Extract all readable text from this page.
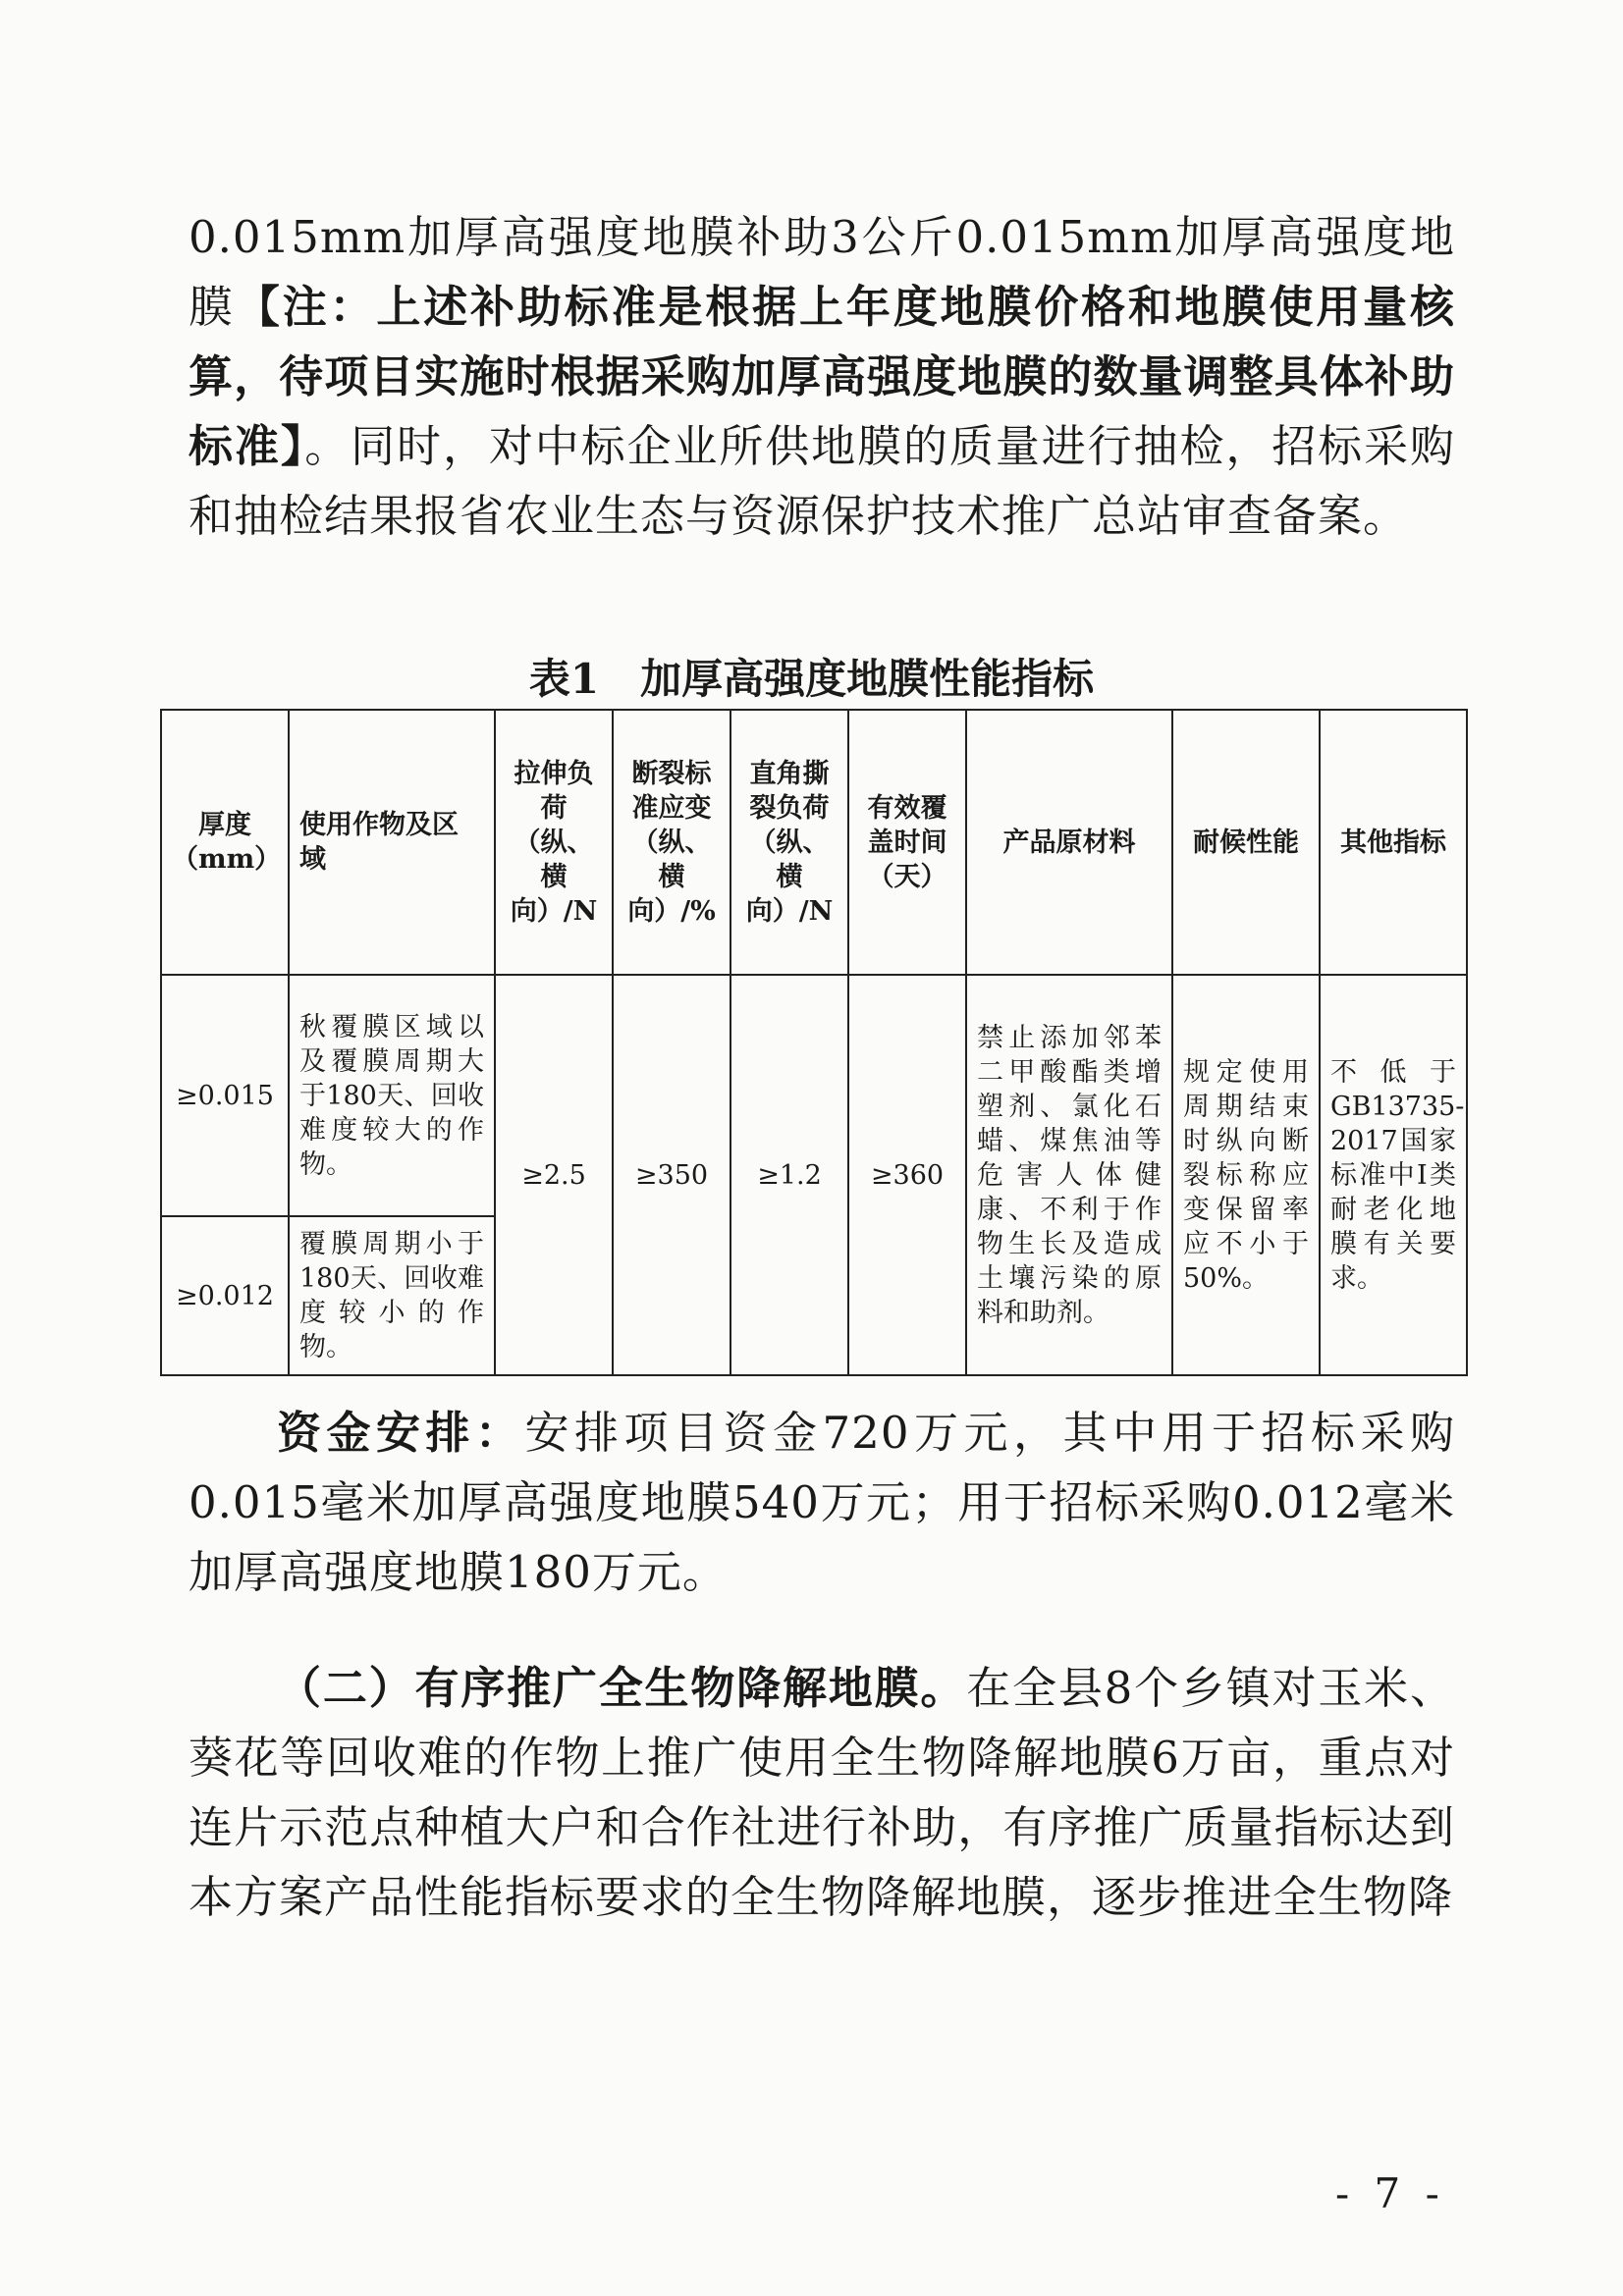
0.015mm加厚高强度地膜补助3公斤0.015mm加厚高强度地膜【注：上述补助标准是根据上年度地膜价格和地膜使用量核算，待项目实施时根据采购加厚高强度地膜的数量调整具体补助标准】。同时，对中标企业所供地膜的质量进行抽检，招标采购和抽检结果报省农业生态与资源保护技术推广总站审查备案。

表1　加厚高强度地膜性能指标
厚度（mm）	使用作物及区域	拉伸负荷（纵、横向）/N	断裂标准应变（纵、横向）/%	直角撕裂负荷（纵、横向）/N	有效覆盖时间（天）	产品原材料	耐候性能	其他指标
≥0.015	秋覆膜区域以及覆膜周期大于180天、回收难度较大的作物。	≥2.5	≥350	≥1.2	≥360	禁止添加邻苯二甲酸酯类增塑剂、氯化石蜡、煤焦油等危害人体健康、不利于作物生长及造成土壤污染的原料和助剂。	规定使用周期结束时纵向断裂标称应变保留率应不小于50%。	不低于GB13735-2017国家标准中Ⅰ类耐老化地膜有关要求。
≥0.012	覆膜周期小于180天、回收难度较小的作物。							

资金安排：安排项目资金720万元，其中用于招标采购0.015毫米加厚高强度地膜540万元；用于招标采购0.012毫米加厚高强度地膜180万元。

（二）有序推广全生物降解地膜。在全县8个乡镇对玉米、葵花等回收难的作物上推广使用全生物降解地膜6万亩，重点对连片示范点种植大户和合作社进行补助，有序推广质量指标达到本方案产品性能指标要求的全生物降解地膜，逐步推进全生物降

- 7 -
